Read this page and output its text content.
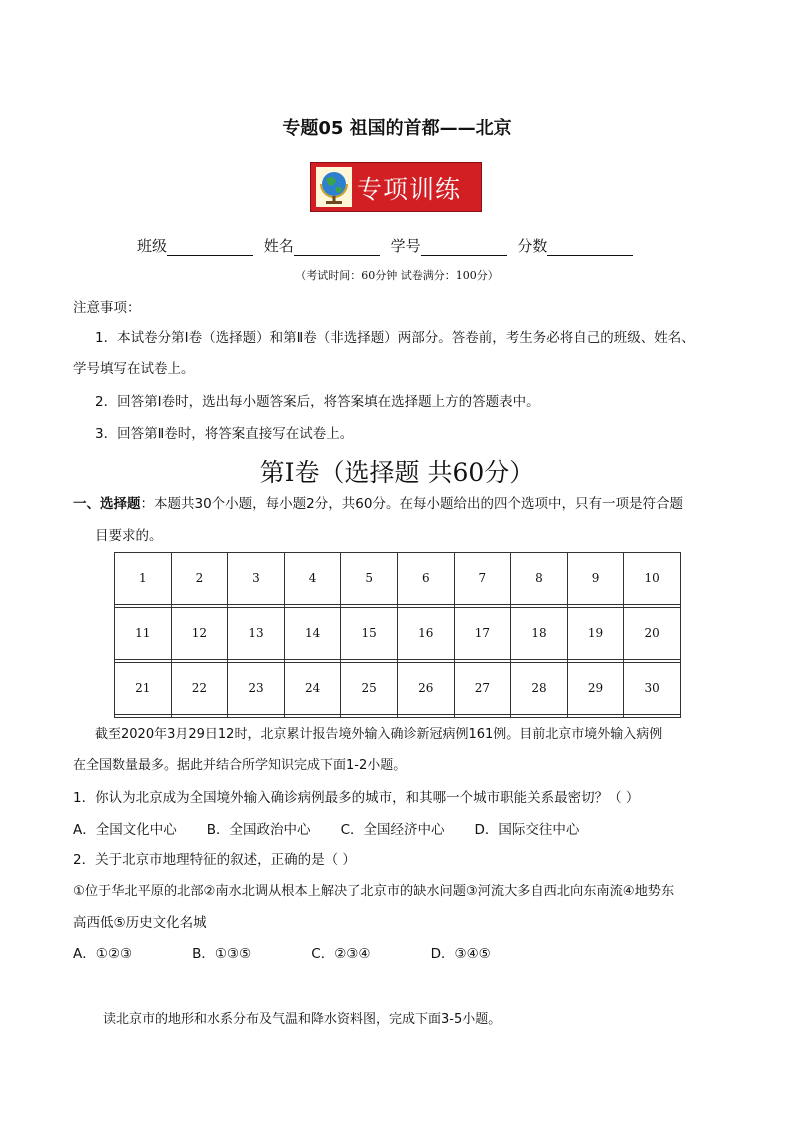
专题05 祖国的首都——北京
专项训练
班级	姓名	学号	分数
（考试时间：60分钟 试卷满分：100分）
注意事项：
1．本试卷分第Ⅰ卷（选择题）和第Ⅱ卷（非选择题）两部分。答卷前，考生务必将自己的班级、姓名、
学号填写在试卷上。
2．回答第Ⅰ卷时，选出每小题答案后，将答案填在选择题上方的答题表中。
3．回答第Ⅱ卷时，将答案直接写在试卷上。
第Ⅰ卷（选择题 共60分）
一、选择题：本题共30个小题，每小题2分，共60分。在每小题给出的四个选项中，只有一项是符合题
目要求的。
1	2	3	4	5	6	7	8	9	10

11	12	13	14	15	16	17	18	19	20

21	22	23	24	25	26	27	28	29	30

截至2020年3月29日12时，北京累计报告境外输入确诊新冠病例161例。目前北京市境外输入病例
在全国数量最多。据此并结合所学知识完成下面1-2小题。
1．你认为北京成为全国境外输入确诊病例最多的城市，和其哪一个城市职能关系最密切？（ ）
A．全国文化中心       B．全国政治中心       C．全国经济中心       D．国际交往中心
2．关于北京市地理特征的叙述，正确的是（ ）
①位于华北平原的北部②南水北调从根本上解决了北京市的缺水问题③河流大多自西北向东南流④地势东
高西低⑤历史文化名城
A．①②③              B．①③⑤              C．②③④              D．③④⑤
读北京市的地形和水系分布及气温和降水资料图，完成下面3-5小题。
